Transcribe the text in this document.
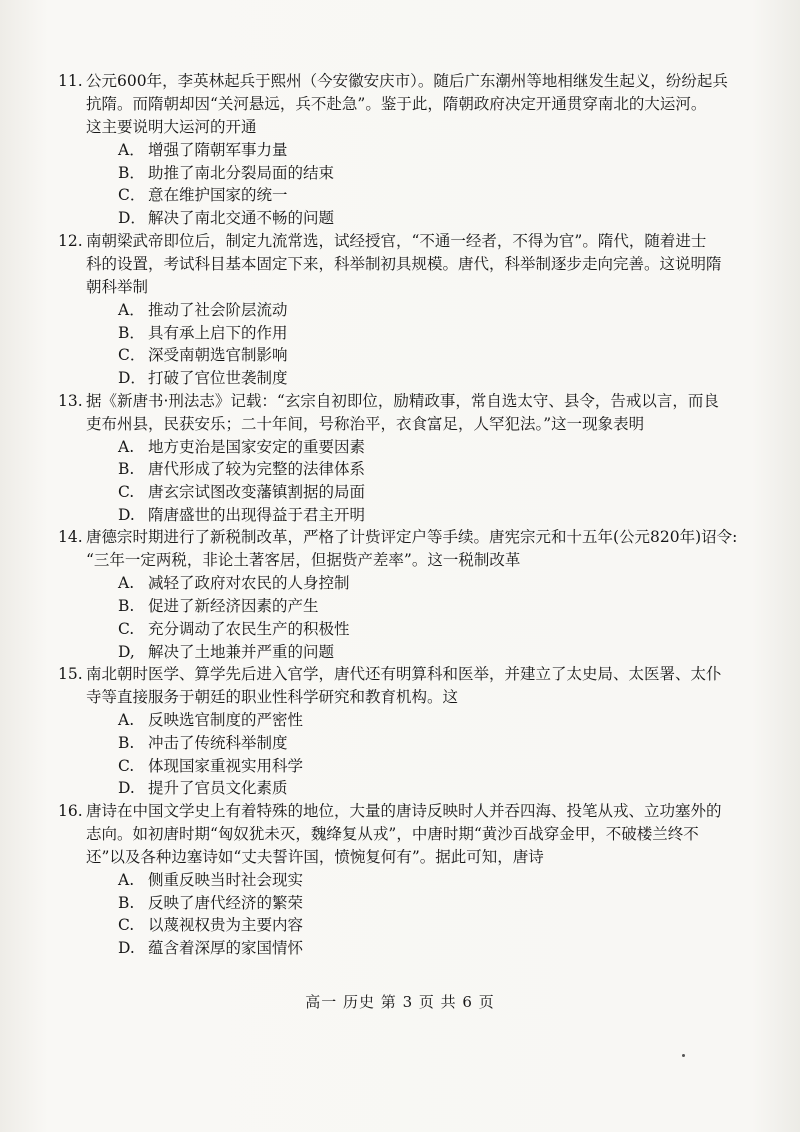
11. 公元600年，李英林起兵于熙州（今安徽安庆市）。随后广东潮州等地相继发生起义，纷纷起兵
抗隋。而隋朝却因“关河悬远，兵不赴急”。鉴于此，隋朝政府决定开通贯穿南北的大运河。
这主要说明大运河的开通
A． 增强了隋朝军事力量
B． 助推了南北分裂局面的结束
C． 意在维护国家的统一
D． 解决了南北交通不畅的问题
12. 南朝梁武帝即位后，制定九流常选，试经授官，“不通一经者，不得为官”。隋代，随着进士
科的设置，考试科目基本固定下来，科举制初具规模。唐代，科举制逐步走向完善。这说明隋
朝科举制
A． 推动了社会阶层流动
B． 具有承上启下的作用
C． 深受南朝选官制影响
D． 打破了官位世袭制度
13. 据《新唐书·刑法志》记载：“玄宗自初即位，励精政事，常自选太守、县令，告戒以言，而良
吏布州县，民获安乐；二十年间，号称治平，衣食富足，人罕犯法。”这一现象表明
A. 地方吏治是国家安定的重要因素
B. 唐代形成了较为完整的法律体系
C. 唐玄宗试图改变藩镇割据的局面
D. 隋唐盛世的出现得益于君主开明
14. 唐德宗时期进行了新税制改革，严格了计赀评定户等手续。唐宪宗元和十五年(公元820年)诏令:
“三年一定两税，非论土著客居，但据赀产差率”。这一税制改革
A. 减轻了政府对农民的人身控制
B. 促进了新经济因素的产生
C. 充分调动了农民生产的积极性
D, 解决了土地兼并严重的问题
15. 南北朝时医学、算学先后进入官学，唐代还有明算科和医举，并建立了太史局、太医署、太仆
寺等直接服务于朝廷的职业性科学研究和教育机构。这
A. 反映选官制度的严密性
B. 冲击了传统科举制度
C. 体现国家重视实用科学
D. 提升了官员文化素质
16. 唐诗在中国文学史上有着特殊的地位，大量的唐诗反映时人并吞四海、投笔从戎、立功塞外的
志向。如初唐时期“匈奴犹未灭，魏绛复从戎”，中唐时期“黄沙百战穿金甲，不破楼兰终不
还”以及各种边塞诗如“丈夫誓许国，愤惋复何有”。据此可知，唐诗
A. 侧重反映当时社会现实
B. 反映了唐代经济的繁荣
C. 以蔑视权贵为主要内容
D. 蕴含着深厚的家国情怀
高一 历史 第 3 页 共 6 页
